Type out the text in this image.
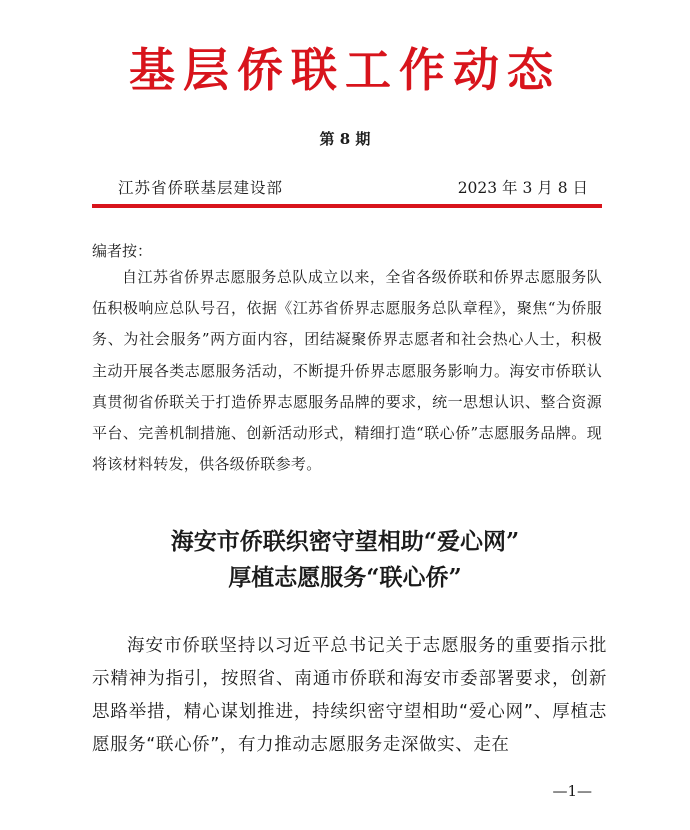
基层侨联工作动态
第 8 期
江苏省侨联基层建设部	2023 年 3 月 8 日
编者按：
自江苏省侨界志愿服务总队成立以来，全省各级侨联和侨界志愿服务队伍积极响应总队号召，依据《江苏省侨界志愿服务总队章程》，聚焦“为侨服务、为社会服务”两方面内容，团结凝聚侨界志愿者和社会热心人士，积极主动开展各类志愿服务活动，不断提升侨界志愿服务影响力。海安市侨联认真贯彻省侨联关于打造侨界志愿服务品牌的要求，统一思想认识、整合资源平台、完善机制措施、创新活动形式，精细打造“联心侨”志愿服务品牌。现将该材料转发，供各级侨联参考。
海安市侨联织密守望相助“爱心网”
厚植志愿服务“联心侨”
海安市侨联坚持以习近平总书记关于志愿服务的重要指示批示精神为指引，按照省、南通市侨联和海安市委部署要求，创新思路举措，精心谋划推进，持续织密守望相助“爱心网”、厚植志愿服务“联心侨”，有力推动志愿服务走深做实、走在
—1—
